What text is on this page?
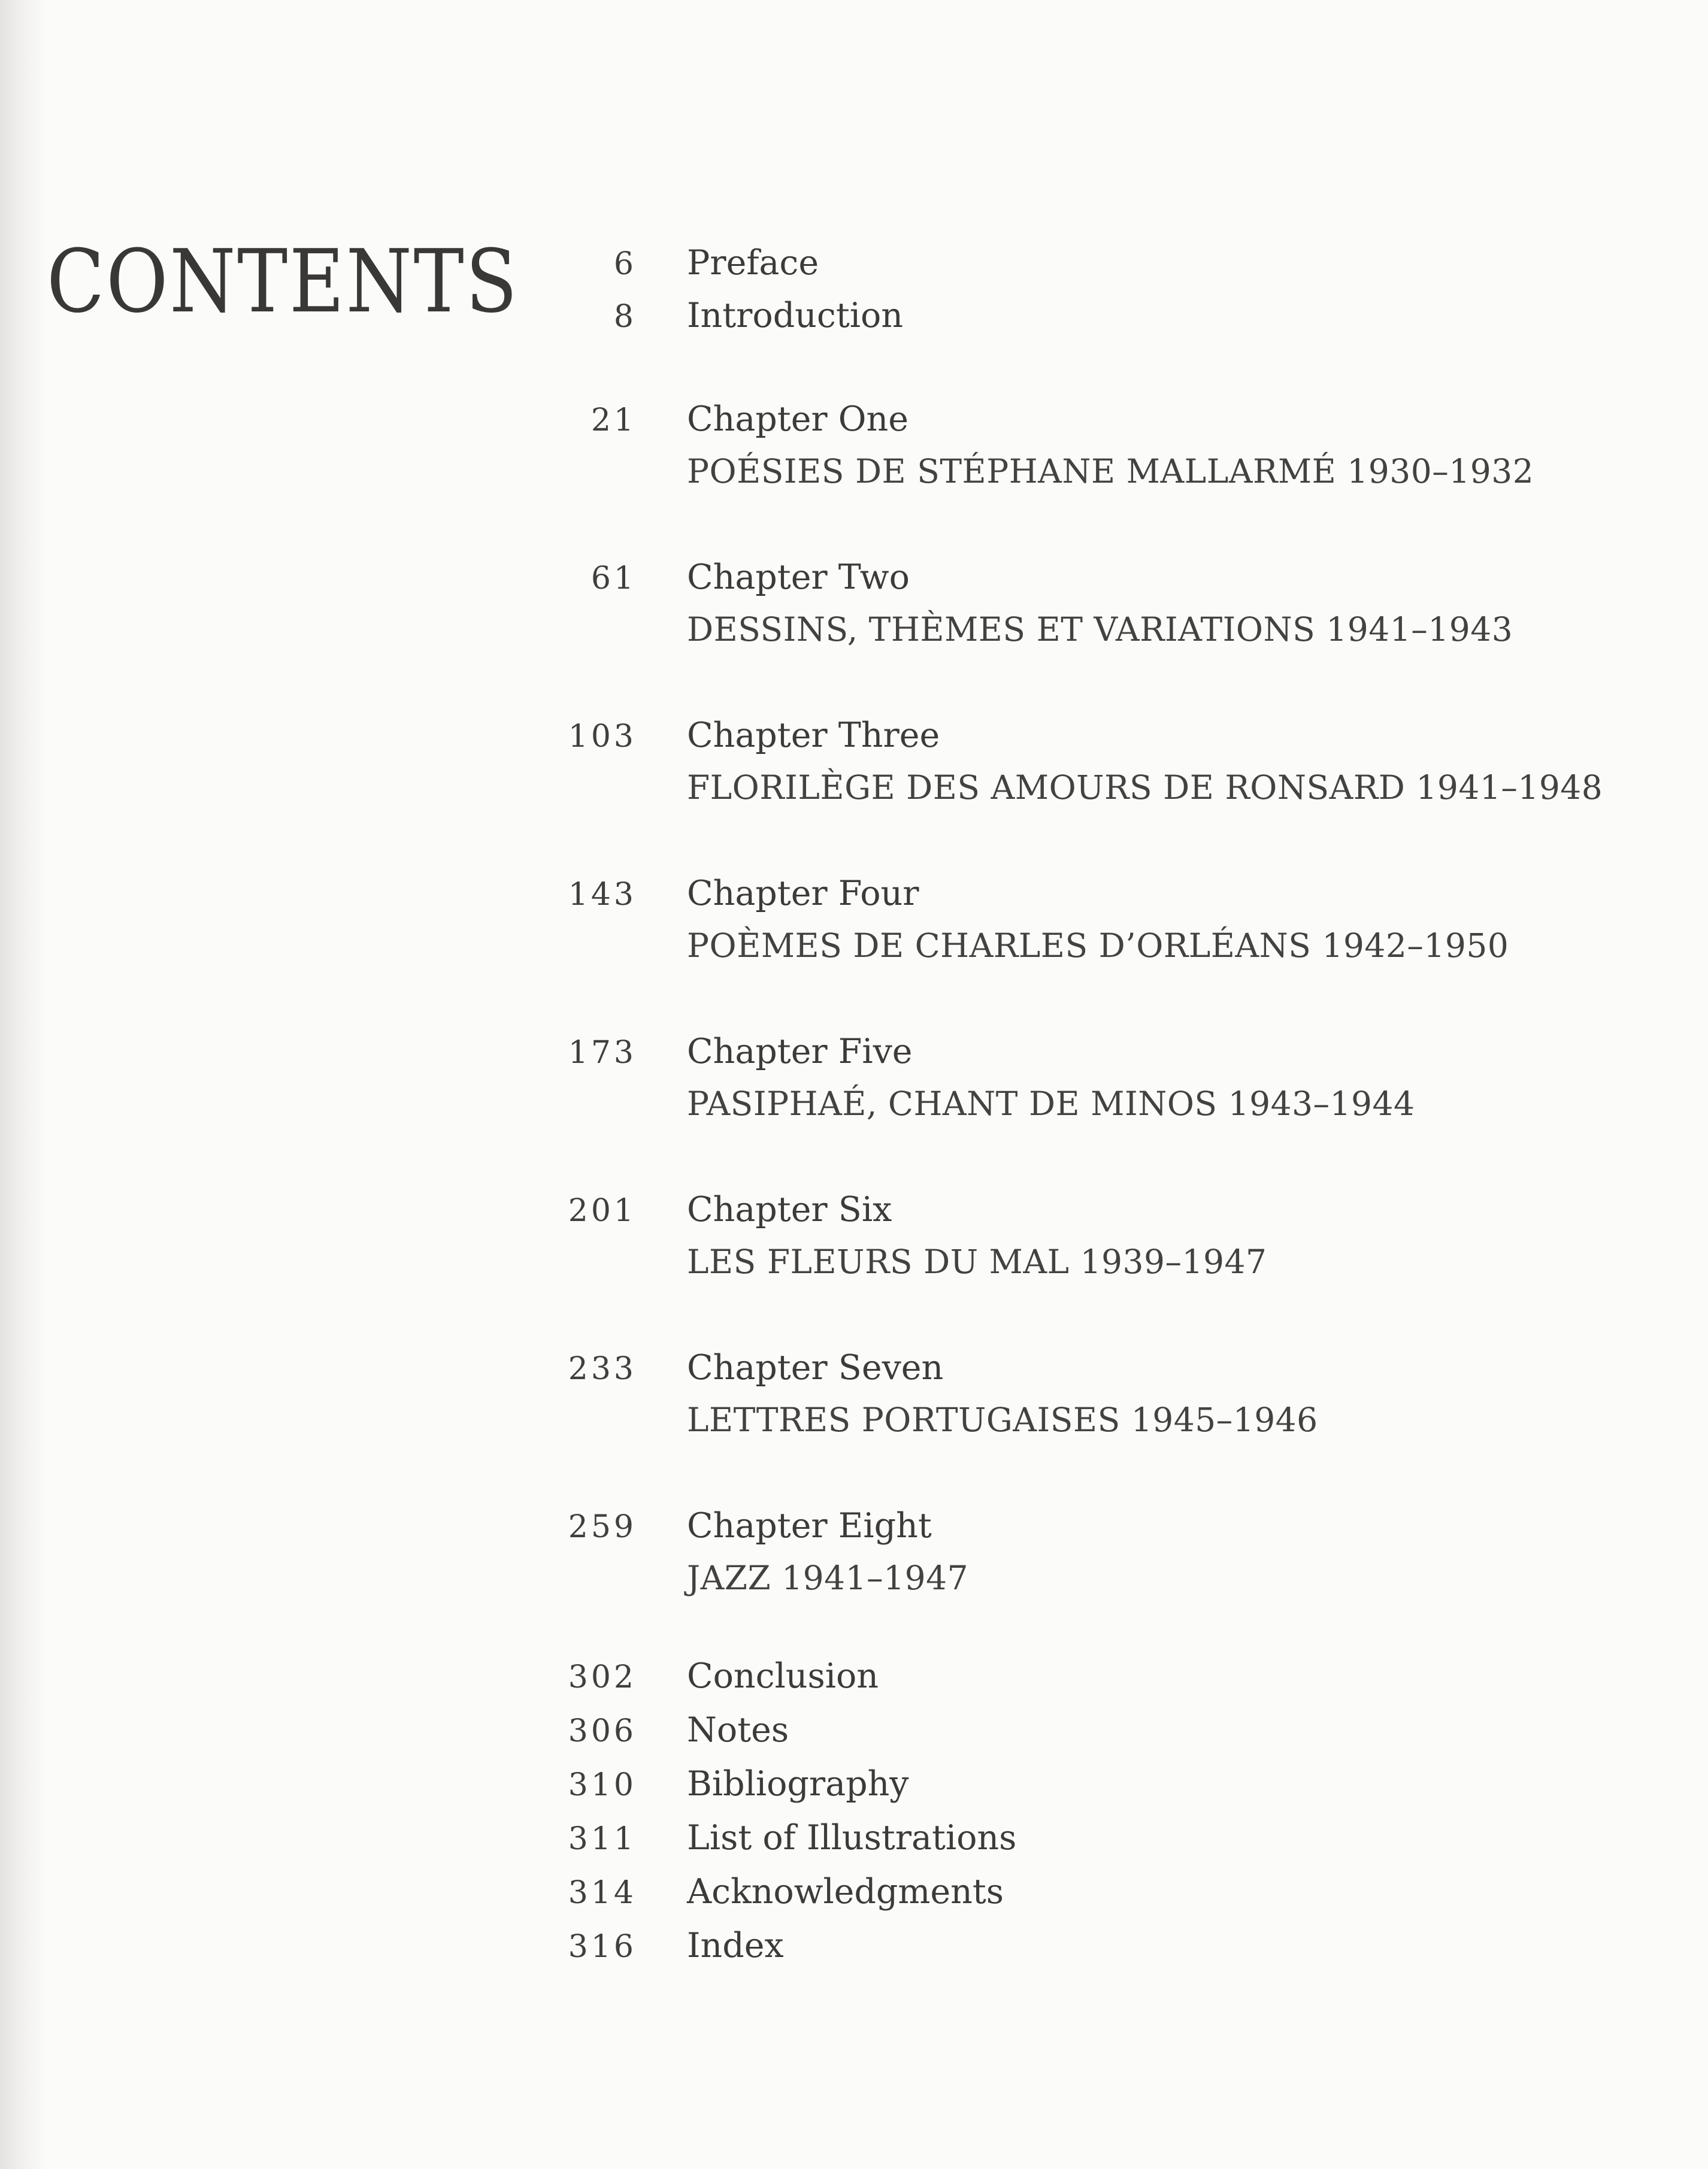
CONTENTS	6 Preface
8 Introduction
21 Chapter One
POÉSIES DE STÉPHANE MALLARMÉ 1930–1932
61 Chapter Two
DESSINS, THÈMES ET VARIATIONS 1941–1943
103 Chapter Three
FLORILÈGE DES AMOURS DE RONSARD 1941–1948
143 Chapter Four
POÈMES DE CHARLES D’ORLÉANS 1942–1950
173 Chapter Five
PASIPHAÉ, CHANT DE MINOS 1943–1944
201 Chapter Six
LES FLEURS DU MAL 1939–1947
233 Chapter Seven
LETTRES PORTUGAISES 1945–1946
259 Chapter Eight
JAZZ 1941–1947
302 Conclusion
306 Notes
310 Bibliography
311 List of Illustrations
314 Acknowledgments
316 Index
